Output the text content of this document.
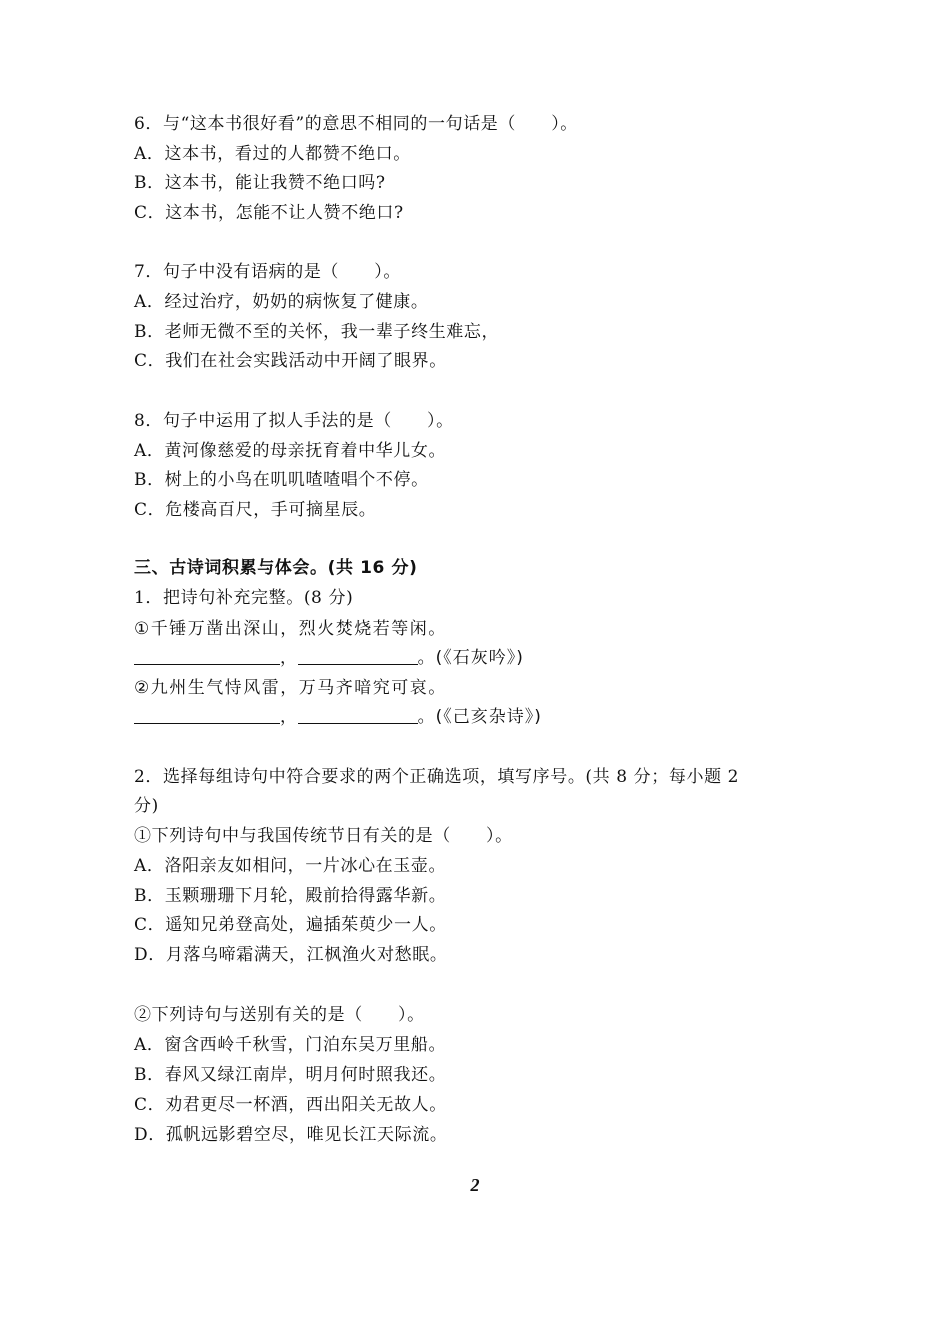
6．与“这本书很好看”的意思不相同的一句话是（　　）。

A．这本书，看过的人都赞不绝口。

B．这本书，能让我赞不绝口吗?

C．这本书，怎能不让人赞不绝口?

7．句子中没有语病的是（　　）。

A．经过治疗，奶奶的病恢复了健康。

B．老师无微不至的关怀，我一辈子终生难忘，

C．我们在社会实践活动中开阔了眼界。

8．句子中运用了拟人手法的是（　　）。

A．黄河像慈爱的母亲抚育着中华儿女。

B．树上的小鸟在叽叽喳喳唱个不停。

C．危楼高百尺，手可摘星辰。

三、古诗词积累与体会。(共 16 分)

1．把诗句补充完整。(8 分)

①千锤万凿出深山，烈火焚烧若等闲。

，	。(《石灰吟》)

②九州生气恃风雷，万马齐喑究可哀。

，	。(《己亥杂诗》)

2．选择每组诗句中符合要求的两个正确选项，填写序号。(共 8 分；每小题 2

分)

①下列诗句中与我国传统节日有关的是（　　）。

A．洛阳亲友如相问，一片冰心在玉壶。

B．玉颗珊珊下月轮，殿前拾得露华新。

C．遥知兄弟登高处，遍插茱萸少一人。

D．月落乌啼霜满天，江枫渔火对愁眠。

②下列诗句与送别有关的是（　　）。

A．窗含西岭千秋雪，门泊东吴万里船。

B．春风又绿江南岸，明月何时照我还。

C．劝君更尽一杯酒，西出阳关无故人。

D．孤帆远影碧空尽，唯见长江天际流。

2
